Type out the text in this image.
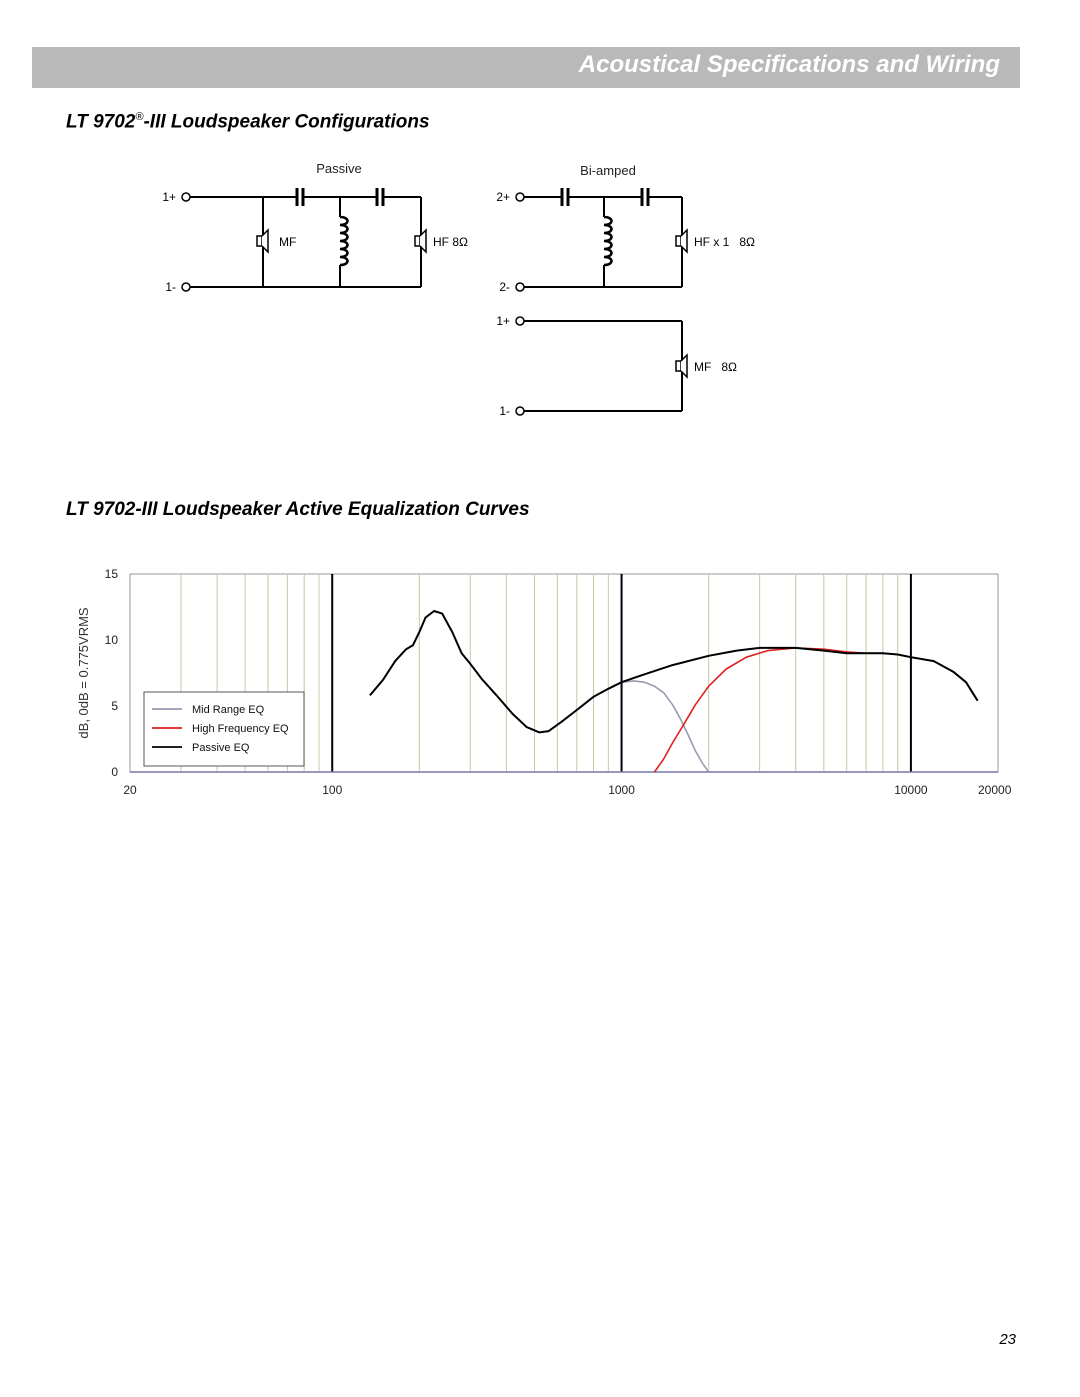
Acoustical Specifications and Wiring
LT 9702®-III Loudspeaker Configurations
Passive
1+
1-
MF	HF 8Ω
Bi-amped
2+
2-
HF x 1   8Ω
1+
1-
MF   8Ω
LT 9702-III Loudspeaker Active Equalization Curves
0
5
10
15
20	100	1000	10000	20000
dB, 0dB = 0.775VRMS	Mid Range EQ
High Frequency EQ
Passive EQ
23
